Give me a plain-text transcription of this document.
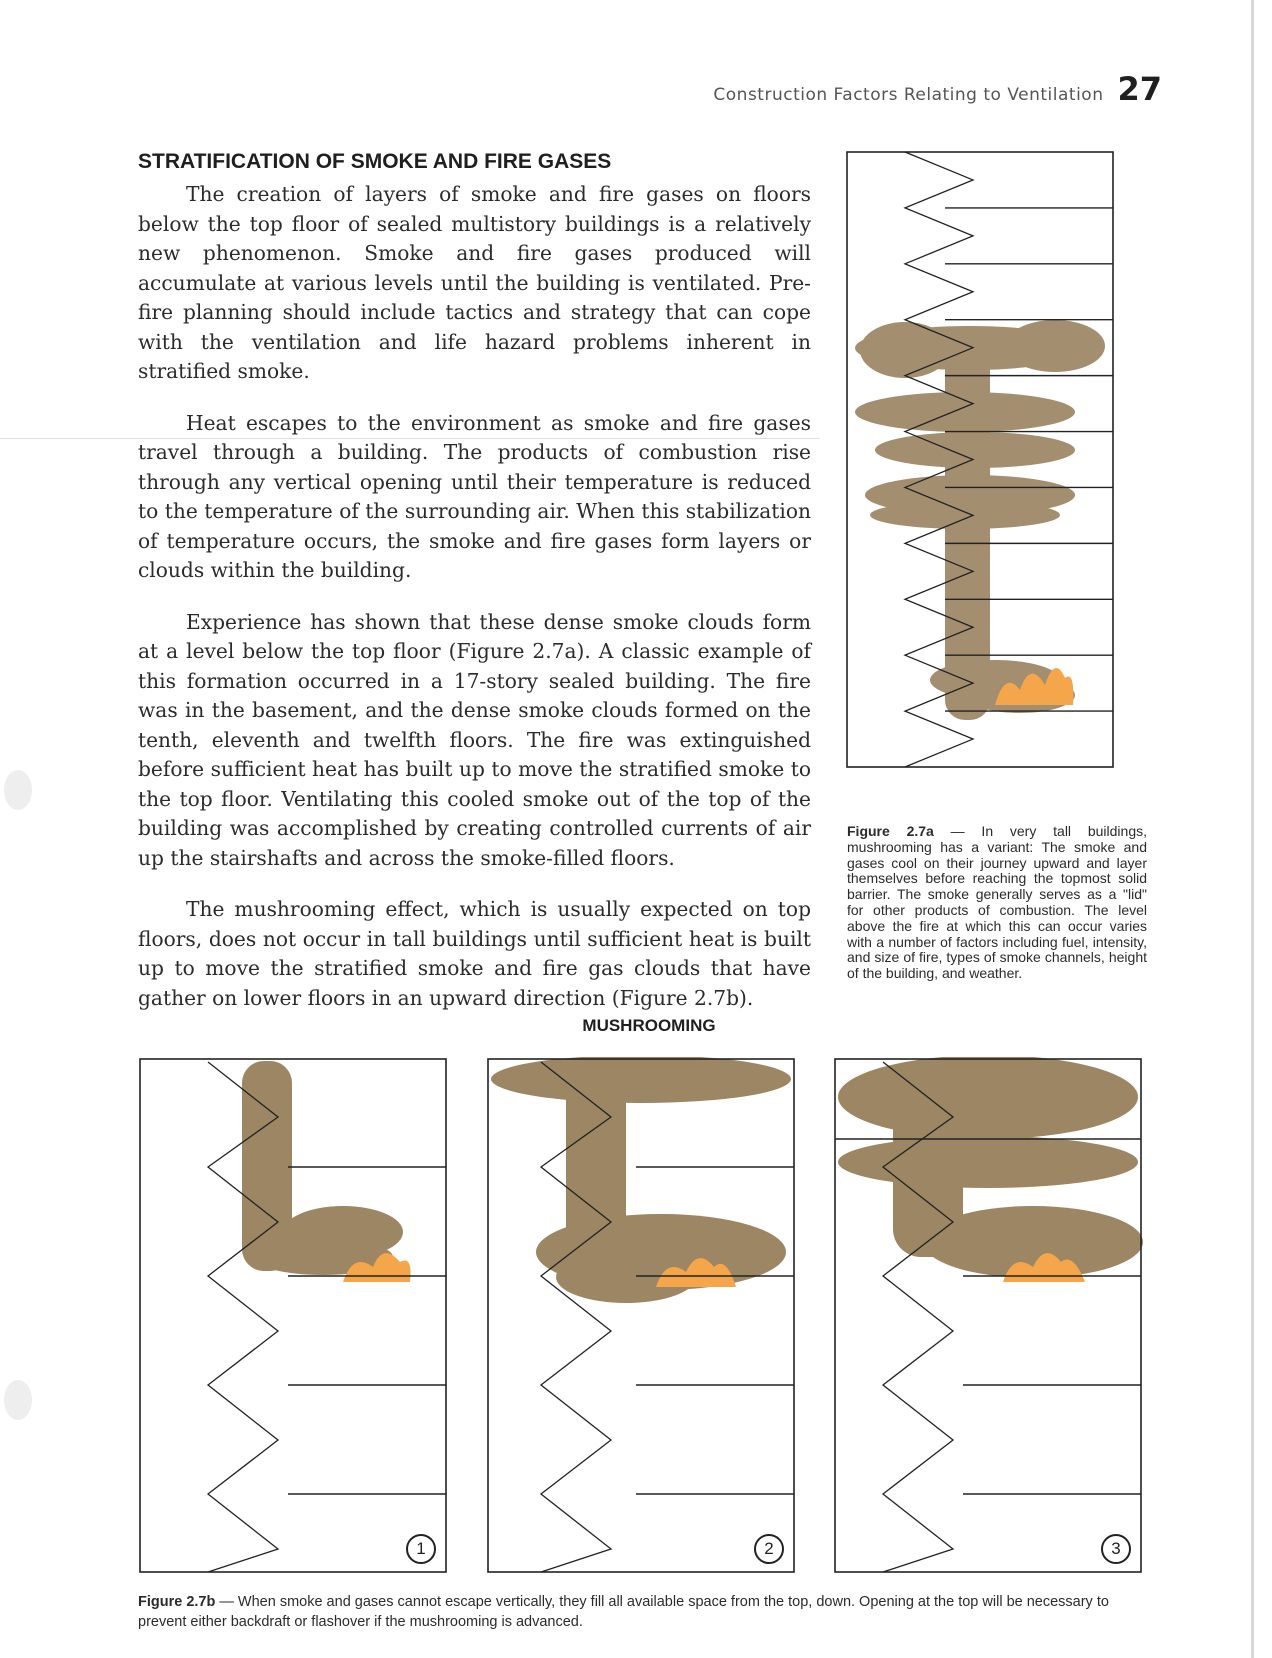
Construction Factors Relating to Ventilation 27
STRATIFICATION OF SMOKE AND FIRE GASES

The creation of layers of smoke and fire gases on floors below the top floor of sealed multistory buildings is a relatively new phenomenon. Smoke and fire gases produced will accumulate at various levels until the building is ventilated. Pre-fire planning should include tactics and strategy that can cope with the ventilation and life hazard problems inherent in stratified smoke.

Heat escapes to the environment as smoke and fire gases travel through a building. The products of combustion rise through any vertical opening until their temperature is reduced to the temperature of the surrounding air. When this stabilization of temperature occurs, the smoke and fire gases form layers or clouds within the building.

Experience has shown that these dense smoke clouds form at a level below the top floor (Figure 2.7a). A classic example of this formation occurred in a 17-story sealed building. The fire was in the basement, and the dense smoke clouds formed on the tenth, eleventh and twelfth floors. The fire was extinguished before sufficient heat has built up to move the stratified smoke to the top floor. Ventilating this cooled smoke out of the top of the building was accomplished by creating controlled currents of air up the stairshafts and across the smoke-filled floors.

The mushrooming effect, which is usually expected on top floors, does not occur in tall buildings until sufficient heat is built up to move the stratified smoke and fire gas clouds that have gather on lower floors in an upward direction (Figure 2.7b).

Figure 2.7a — In very tall buildings, mushrooming has a variant: The smoke and gases cool on their journey upward and layer themselves before reaching the topmost solid barrier. The smoke generally serves as a "lid" for other products of combustion. The level above the fire at which this can occur varies with a number of factors including fuel, intensity, and size of fire, types of smoke channels, height of the building, and weather.
MUSHROOMING
1	2	3
Figure 2.7b — When smoke and gases cannot escape vertically, they fill all available space from the top, down. Opening at the top will be necessary to prevent either backdraft or flashover if the mushrooming is advanced.
